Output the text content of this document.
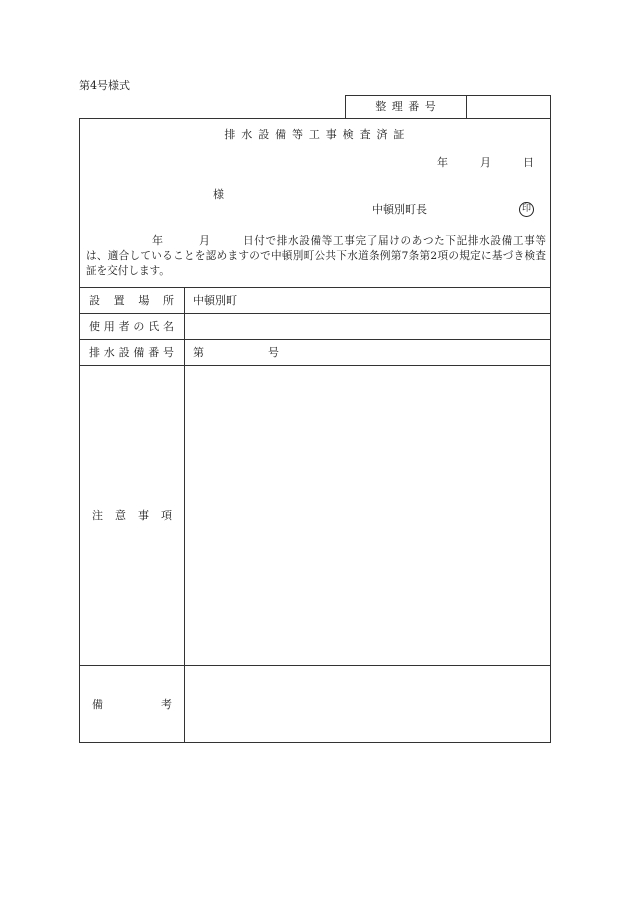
第4号様式
整 理 番 号
排 水 設 備 等 工 事 検 査 済 証
年	月	日
様
中頓別町長	印
年	月	日付で排水設備等工事完了届けのあつた下記排水設備工事等
は、適合していることを認めますので中頓別町公共下水道条例第7条第2項の規定に基づき検査
証を交付します。
設 置 場 所	中頓別町
使 用 者 の 氏 名
排 水 設 備 番 号 第	号
注 意 事 項
備 考
